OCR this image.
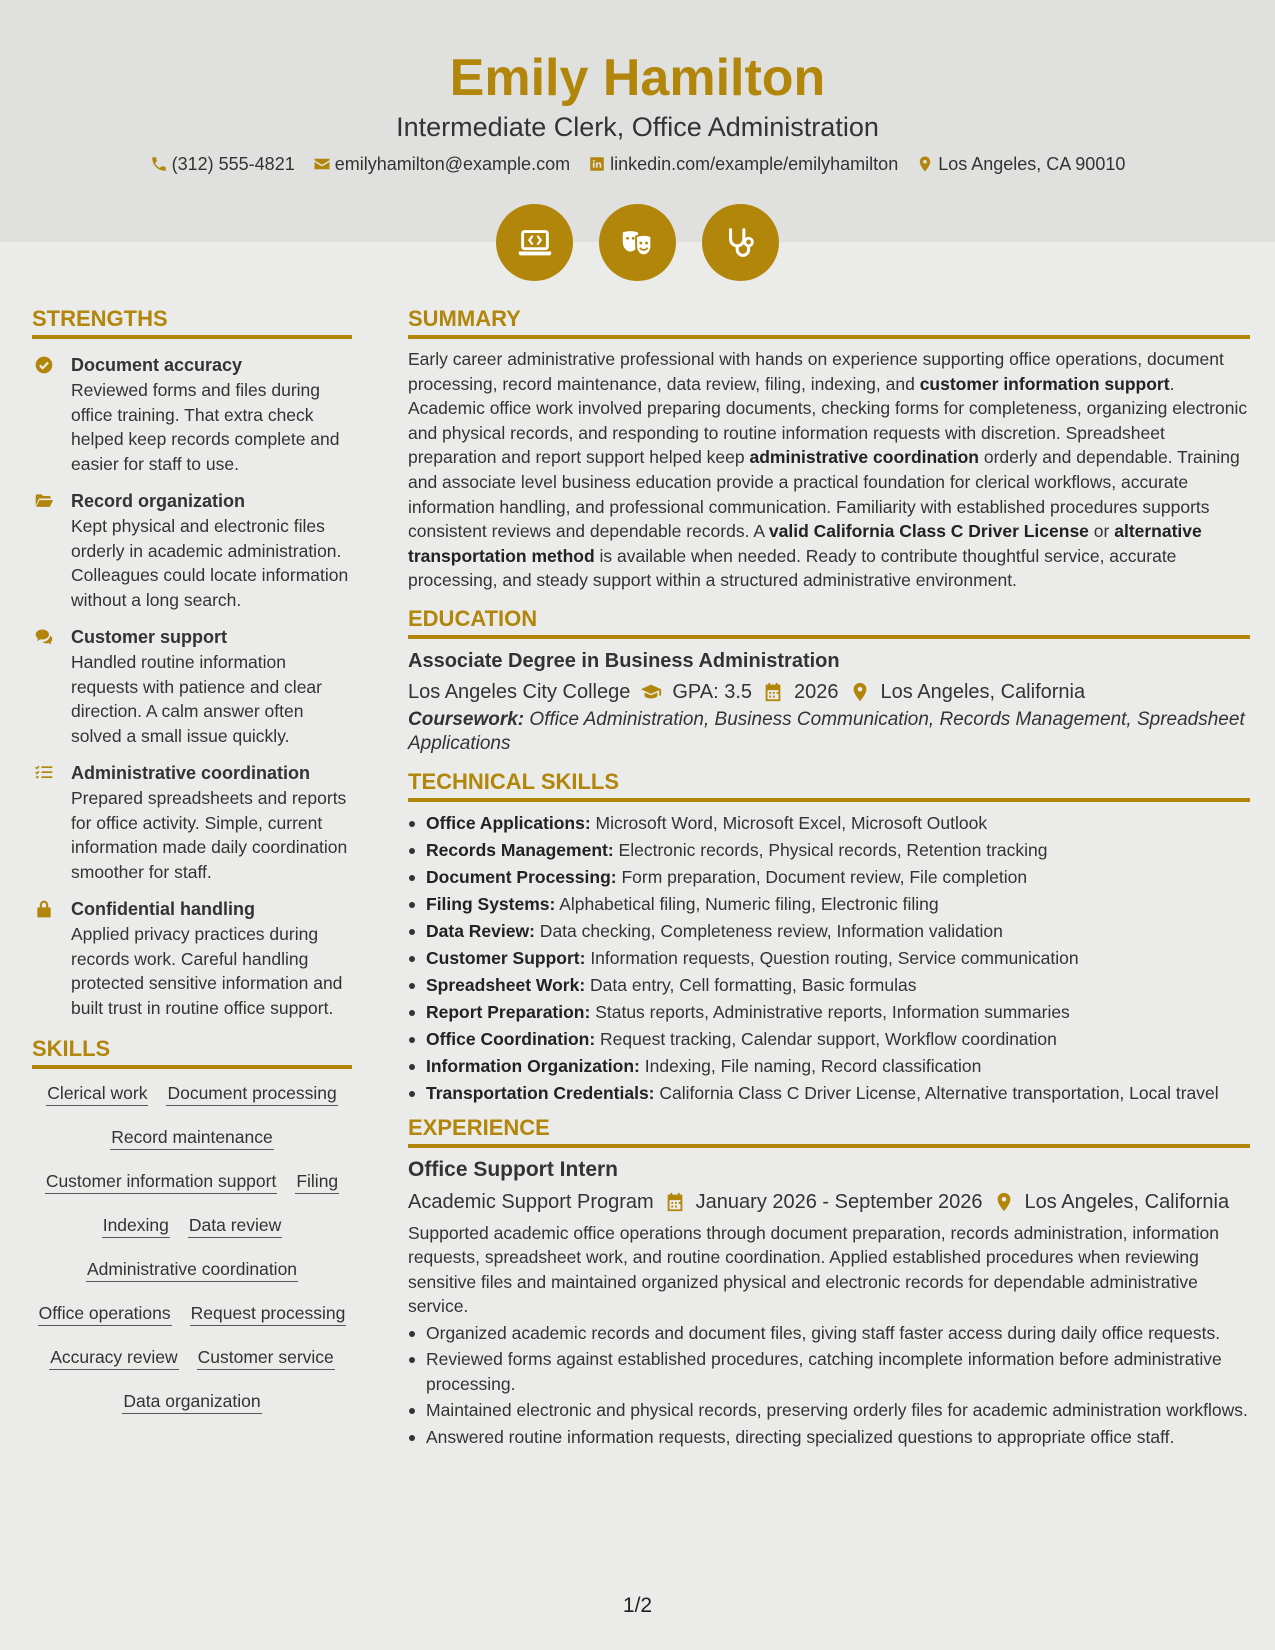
Emily Hamilton
Intermediate Clerk, Office Administration
(312) 555-4821 emilyhamilton@example.com linkedin.com/example/emilyhamilton Los Angeles, CA 90010
STRENGTHS
Document accuracy
Reviewed forms and files during office training. That extra check helped keep records complete and easier for staff to use.
Record organization
Kept physical and electronic files orderly in academic administration. Colleagues could locate information without a long search.
Customer support
Handled routine information requests with patience and clear direction. A calm answer often solved a small issue quickly.
Administrative coordination
Prepared spreadsheets and reports for office activity. Simple, current information made daily coordination smoother for staff.
Confidential handling
Applied privacy practices during records work. Careful handling protected sensitive information and built trust in routine office support.
SKILLS
Clerical work Document processing
Record maintenance
Customer information support Filing
Indexing Data review
Administrative coordination
Office operations Request processing
Accuracy review Customer service
Data organization
SUMMARY

Early career administrative professional with hands on experience supporting office operations, document processing, record maintenance, data review, filing, indexing, and customer information support. Academic office work involved preparing documents, checking forms for completeness, organizing electronic and physical records, and responding to routine information requests with discretion. Spreadsheet preparation and report support helped keep administrative coordination orderly and dependable. Training and associate level business education provide a practical foundation for clerical workflows, accurate information handling, and professional communication. Familiarity with established procedures supports consistent reviews and dependable records. A valid California Class C Driver License or alternative transportation method is available when needed. Ready to contribute thoughtful service, accurate processing, and steady support within a structured administrative environment.

EDUCATION
Associate Degree in Business Administration
Los Angeles City College GPA: 3.5 2026 Los Angeles, California
Coursework: Office Administration, Business Communication, Records Management, Spreadsheet Applications
TECHNICAL SKILLS
Office Applications: Microsoft Word, Microsoft Excel, Microsoft Outlook
Records Management: Electronic records, Physical records, Retention tracking
Document Processing: Form preparation, Document review, File completion
Filing Systems: Alphabetical filing, Numeric filing, Electronic filing
Data Review: Data checking, Completeness review, Information validation
Customer Support: Information requests, Question routing, Service communication
Spreadsheet Work: Data entry, Cell formatting, Basic formulas
Report Preparation: Status reports, Administrative reports, Information summaries
Office Coordination: Request tracking, Calendar support, Workflow coordination
Information Organization: Indexing, File naming, Record classification
Transportation Credentials: California Class C Driver License, Alternative transportation, Local travel
EXPERIENCE
Office Support Intern
Academic Support Program January 2026 - September 2026 Los Angeles, California

Supported academic office operations through document preparation, records administration, information requests, spreadsheet work, and routine coordination. Applied established procedures when reviewing sensitive files and maintained organized physical and electronic records for dependable administrative service.

Organized academic records and document files, giving staff faster access during daily office requests.
Reviewed forms against established procedures, catching incomplete information before administrative processing.
Maintained electronic and physical records, preserving orderly files for academic administration workflows.
Answered routine information requests, directing specialized questions to appropriate office staff.
1/2
